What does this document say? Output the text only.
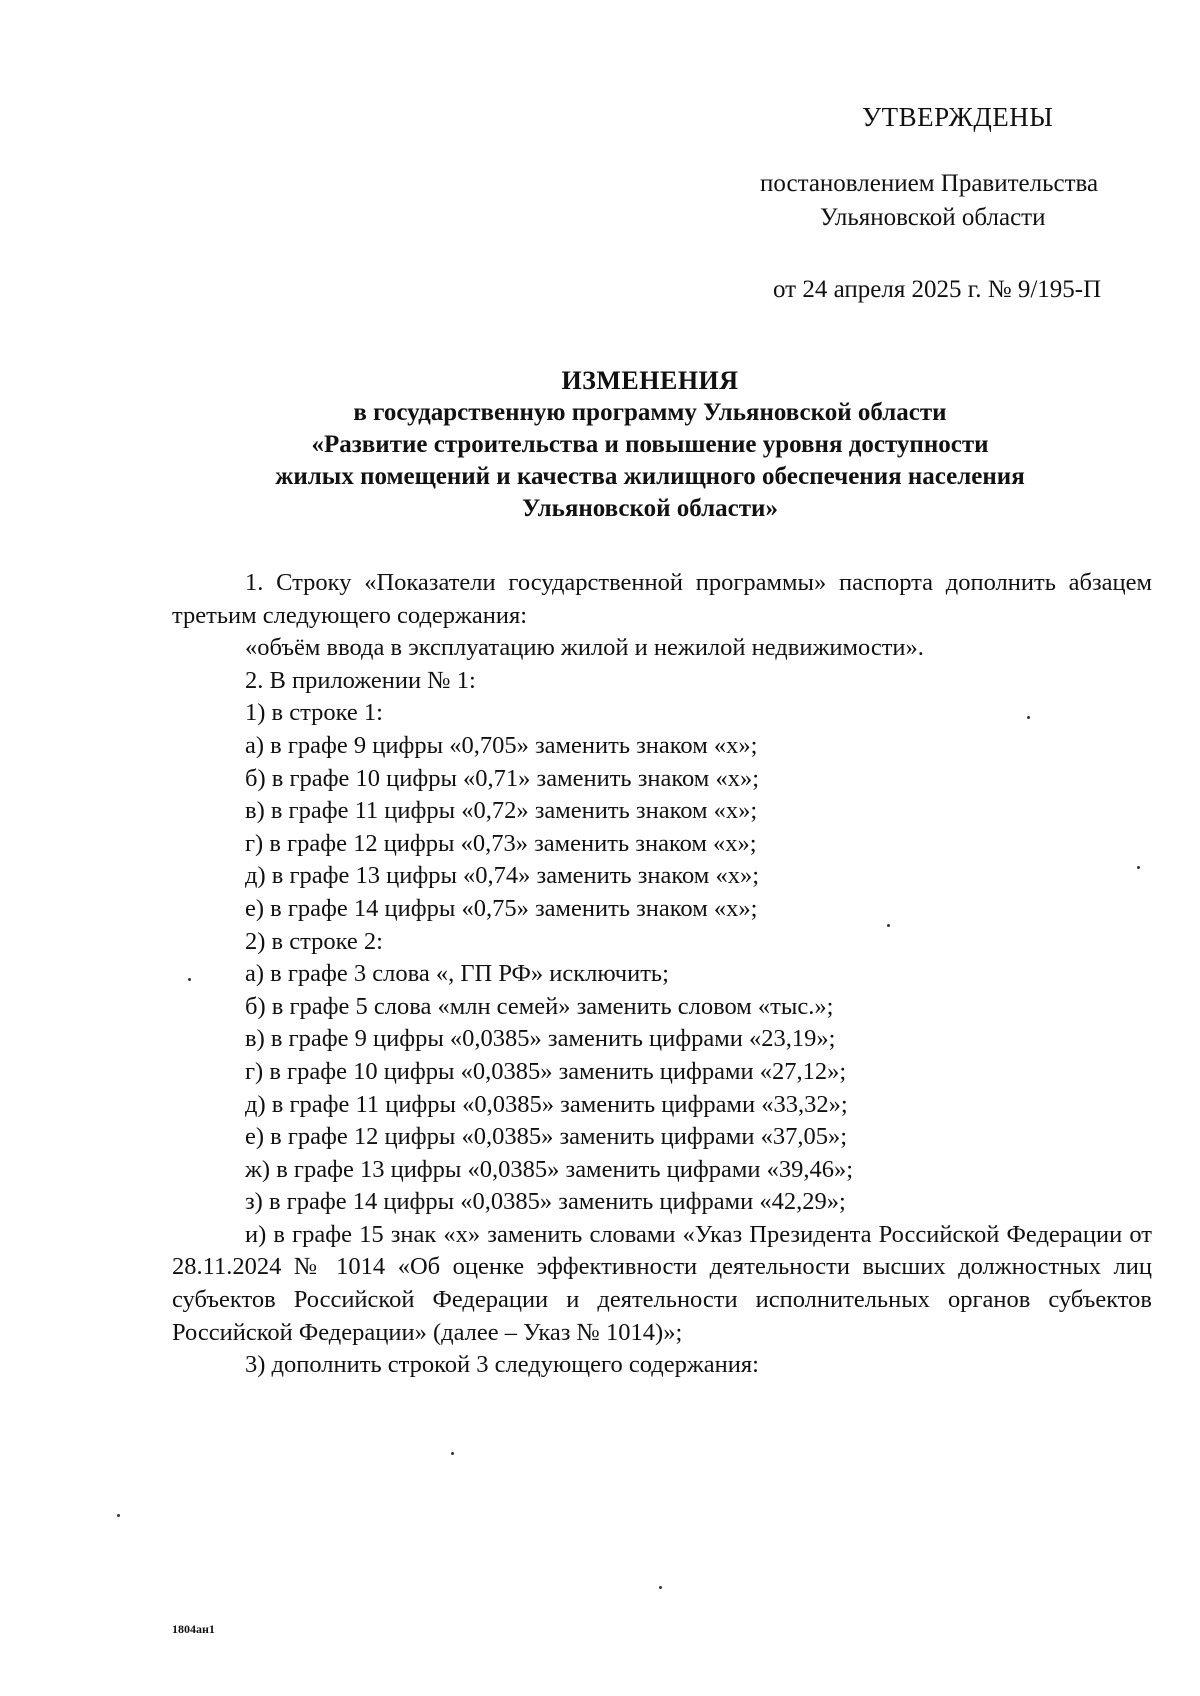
УТВЕРЖДЕНЫ
постановлением Правительства
Ульяновской области
от 24 апреля 2025 г. № 9/195-П
ИЗМЕНЕНИЯ
в государственную программу Ульяновской области
«Развитие строительства и повышение уровня доступности
жилых помещений и качества жилищного обеспечения населения
Ульяновской области»

1. Строку «Показатели государственной программы» паспорта дополнить абзацем третьим следующего содержания:

«объём ввода в эксплуатацию жилой и нежилой недвижимости».

2. В приложении № 1:

1) в строке 1:

а) в графе 9 цифры «0,705» заменить знаком «х»;

б) в графе 10 цифры «0,71» заменить знаком «х»;

в) в графе 11 цифры «0,72» заменить знаком «х»;

г) в графе 12 цифры «0,73» заменить знаком «х»;

д) в графе 13 цифры «0,74» заменить знаком «х»;

е) в графе 14 цифры «0,75» заменить знаком «х»;

2) в строке 2:

а) в графе 3 слова «, ГП РФ» исключить;

б) в графе 5 слова «млн семей» заменить словом «тыс.»;

в) в графе 9 цифры «0,0385» заменить цифрами «23,19»;

г) в графе 10 цифры «0,0385» заменить цифрами «27,12»;

д) в графе 11 цифры «0,0385» заменить цифрами «33,32»;

е) в графе 12 цифры «0,0385» заменить цифрами «37,05»;

ж) в графе 13 цифры «0,0385» заменить цифрами «39,46»;

з) в графе 14 цифры «0,0385» заменить цифрами «42,29»;

и) в графе 15 знак «х» заменить словами «Указ Президента Российской Федерации от 28.11.2024 № 1014 «Об оценке эффективности деятельности высших должностных лиц субъектов Российской Федерации и деятельности исполнительных органов субъектов Российской Федерации» (далее – Указ № 1014)»;

3) дополнить строкой 3 следующего содержания:

1804ан1
